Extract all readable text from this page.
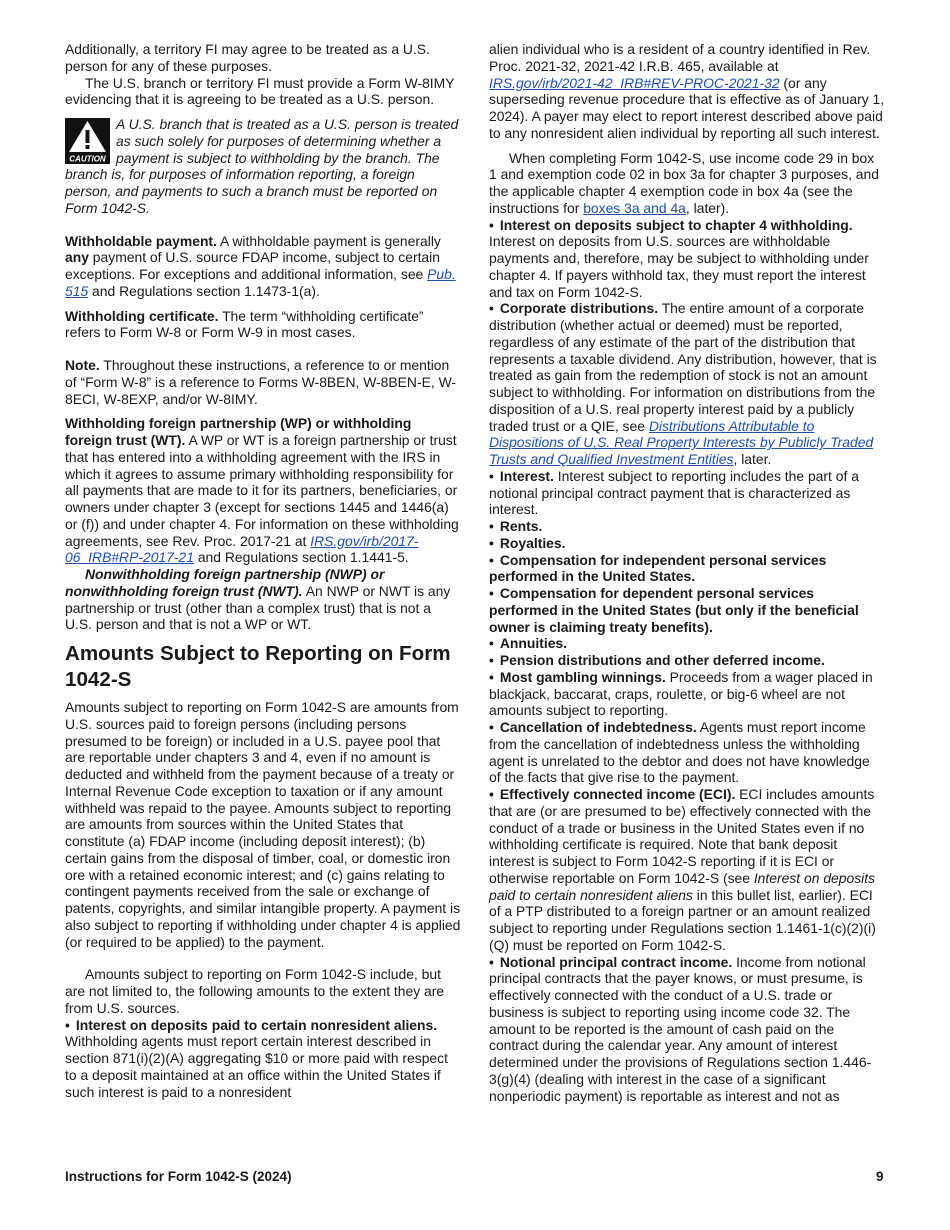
Additionally, a territory FI may agree to be treated as a U.S. person for any of these purposes.

The U.S. branch or territory FI must provide a Form W-8IMY evidencing that it is agreeing to be treated as a U.S. person.

CAUTION
A U.S. branch that is treated as a U.S. person is treated as such solely for purposes of determining whether a payment is subject to withholding by the branch. The branch is, for purposes of information reporting, a foreign person, and payments to such a branch must be reported on Form 1042-S.

Withholdable payment. A withholdable payment is generally any payment of U.S. source FDAP income, subject to certain exceptions. For exceptions and additional information, see Pub. 515 and Regulations section 1.1473-1(a).

Withholding certificate. The term “withholding certificate” refers to Form W-8 or Form W-9 in most cases.

Note. Throughout these instructions, a reference to or mention of “Form W-8” is a reference to Forms W-8BEN, W-8BEN-E, W-8ECI, W-8EXP, and/or W-8IMY.

Withholding foreign partnership (WP) or withholding foreign trust (WT). A WP or WT is a foreign partnership or trust that has entered into a withholding agreement with the IRS in which it agrees to assume primary withholding responsibility for all payments that are made to it for its partners, beneficiaries, or owners under chapter 3 (except for sections 1445 and 1446(a) or (f)) and under chapter 4. For information on these withholding agreements, see Rev. Proc. 2017-21 at IRS.gov/irb/2017-06_IRB#RP-2017-21 and Regulations section 1.1441-5.

Nonwithholding foreign partnership (NWP) or nonwithholding foreign trust (NWT). An NWP or NWT is any partnership or trust (other than a complex trust) that is not a U.S. person and that is not a WP or WT.

Amounts Subject to Reporting on Form 1042-S

Amounts subject to reporting on Form 1042-S are amounts from U.S. sources paid to foreign persons (including persons presumed to be foreign) or included in a U.S. payee pool that are reportable under chapters 3 and 4, even if no amount is deducted and withheld from the payment because of a treaty or Internal Revenue Code exception to taxation or if any amount withheld was repaid to the payee. Amounts subject to reporting are amounts from sources within the United States that constitute (a) FDAP income (including deposit interest); (b) certain gains from the disposal of timber, coal, or domestic iron ore with a retained economic interest; and (c) gains relating to contingent payments received from the sale or exchange of patents, copyrights, and similar intangible property. A payment is also subject to reporting if withholding under chapter 4 is applied (or required to be applied) to the payment.

Amounts subject to reporting on Form 1042-S include, but are not limited to, the following amounts to the extent they are from U.S. sources.

• Interest on deposits paid to certain nonresident aliens. Withholding agents must report certain interest described in section 871(i)(2)(A) aggregating $10 or more paid with respect to a deposit maintained at an office within the United States if such interest is paid to a nonresident

alien individual who is a resident of a country identified in Rev. Proc. 2021-32, 2021-42 I.R.B. 465, available at IRS.gov/irb/2021-42_IRB#REV-PROC-2021-32 (or any superseding revenue procedure that is effective as of January 1, 2024). A payer may elect to report interest described above paid to any nonresident alien individual by reporting all such interest.

When completing Form 1042-S, use income code 29 in box 1 and exemption code 02 in box 3a for chapter 3 purposes, and the applicable chapter 4 exemption code in box 4a (see the instructions for boxes 3a and 4a, later).

• Interest on deposits subject to chapter 4 withholding. Interest on deposits from U.S. sources are withholdable payments and, therefore, may be subject to withholding under chapter 4. If payers withhold tax, they must report the interest and tax on Form 1042-S.

• Corporate distributions. The entire amount of a corporate distribution (whether actual or deemed) must be reported, regardless of any estimate of the part of the distribution that represents a taxable dividend. Any distribution, however, that is treated as gain from the redemption of stock is not an amount subject to withholding. For information on distributions from the disposition of a U.S. real property interest paid by a publicly traded trust or a QIE, see Distributions Attributable to Dispositions of U.S. Real Property Interests by Publicly Traded Trusts and Qualified Investment Entities, later.

• Interest. Interest subject to reporting includes the part of a notional principal contract payment that is characterized as interest.

• Rents.

• Royalties.

• Compensation for independent personal services performed in the United States.

• Compensation for dependent personal services performed in the United States (but only if the beneficial owner is claiming treaty benefits).

• Annuities.

• Pension distributions and other deferred income.

• Most gambling winnings. Proceeds from a wager placed in blackjack, baccarat, craps, roulette, or big-6 wheel are not amounts subject to reporting.

• Cancellation of indebtedness. Agents must report income from the cancellation of indebtedness unless the withholding agent is unrelated to the debtor and does not have knowledge of the facts that give rise to the payment.

• Effectively connected income (ECI). ECI includes amounts that are (or are presumed to be) effectively connected with the conduct of a trade or business in the United States even if no withholding certificate is required. Note that bank deposit interest is subject to Form 1042-S reporting if it is ECI or otherwise reportable on Form 1042-S (see Interest on deposits paid to certain nonresident aliens in this bullet list, earlier). ECI of a PTP distributed to a foreign partner or an amount realized subject to reporting under Regulations section 1.1461-1(c)(2)(i)(Q) must be reported on Form 1042-S.

• Notional principal contract income. Income from notional principal contracts that the payer knows, or must presume, is effectively connected with the conduct of a U.S. trade or business is subject to reporting using income code 32. The amount to be reported is the amount of cash paid on the contract during the calendar year. Any amount of interest determined under the provisions of Regulations section 1.446-3(g)(4) (dealing with interest in the case of a significant nonperiodic payment) is reportable as interest and not as

Instructions for Form 1042-S (2024)	9
